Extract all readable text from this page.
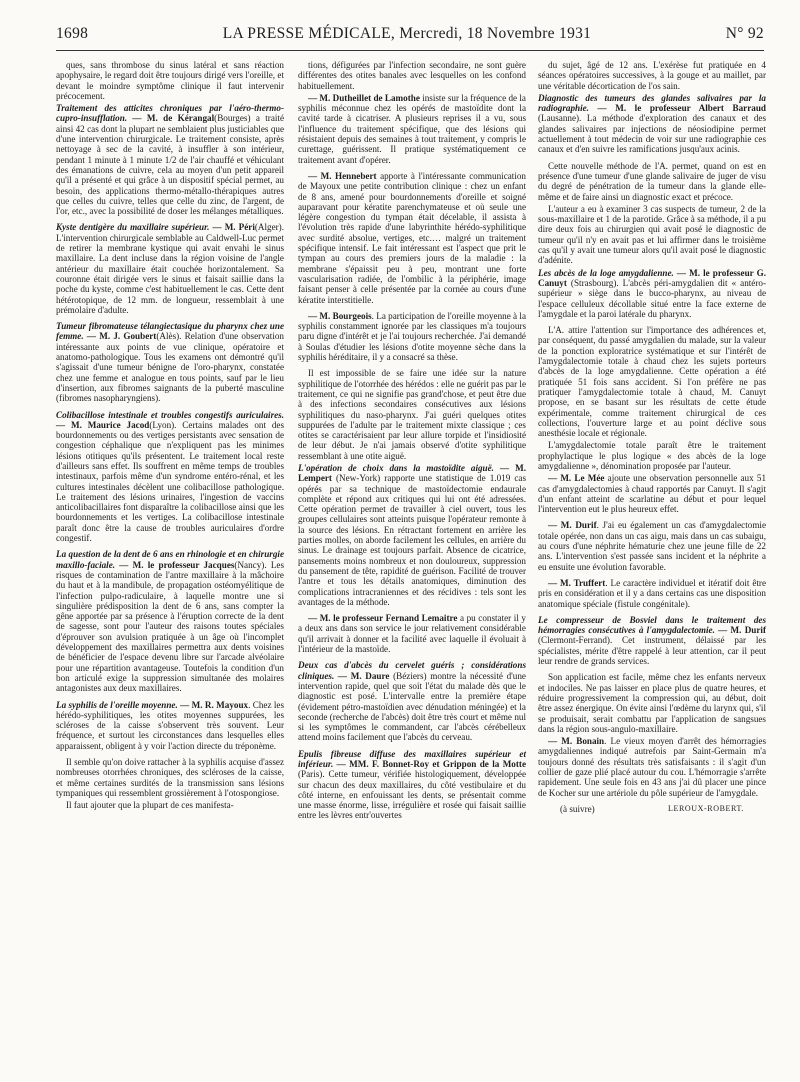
1698	LA PRESSE MÉDICALE, Mercredi, 18 Novembre 1931	N° 92

ques, sans thrombose du sinus latéral et sans réaction apophysaire, le regard doit être toujours dirigé vers l'oreille, et devant le moindre symptôme clinique il faut intervenir précocement.

Traitement des atticites chroniques par l'aéro-thermo-cupro-insufflation. — M. de Kérangal(Bourges) a traité ainsi 42 cas dont la plupart ne semblaient plus justiciables que d'une intervention chirurgicale. Le traitement consiste, après nettoyage à sec de la cavité, à insuffler à son intérieur, pendant 1 minute à 1 minute 1/2 de l'air chauffé et véhiculant des émanations de cuivre, cela au moyen d'un petit appareil qu'il a présenté et qui grâce à un dispositif spécial permet, au besoin, des applications thermo-métallo-thérapiques autres que celles du cuivre, telles que celle du zinc, de l'argent, de l'or, etc., avec la possibilité de doser les mélanges métalliques.
Kyste dentigère du maxillaire supérieur. — M. Péri(Alger). L'intervention chirurgicale semblable au Caldwell-Luc permet de retirer la membrane kystique qui avait envahi le sinus maxillaire. La dent incluse dans la région voisine de l'angle antérieur du maxillaire était couchée horizontalement. Sa couronne était dirigée vers le sinus et faisait saillie dans la poche du kyste, comme c'est habituellement le cas. Cette dent hétérotopique, de 12 mm. de longueur, ressemblait à une prémolaire d'adulte.
Tumeur fibromateuse télangiectasique du pharynx chez une femme. — M. J. Goubert(Alès). Relation d'une observation intéressante aux points de vue clinique, opératoire et anatomo-pathologique. Tous les examens ont démontré qu'il s'agissait d'une tumeur bénigne de l'oro-pharynx, constatée chez une femme et analogue en tous points, sauf par le lieu d'insertion, aux fibromes saignants de la puberté masculine (fibromes nasopharyngiens).
Colibacillose intestinale et troubles congestifs auriculaires. — M. Maurice Jacod(Lyon). Certains malades ont des bourdonnements ou des vertiges persistants avec sensation de congestion céphalique que n'expliquent pas les minimes lésions otitiques qu'ils présentent. Le traitement local reste d'ailleurs sans effet. Ils souffrent en même temps de troubles intestinaux, parfois même d'un syndrome entéro-rénal, et les cultures intestinales décèlent une colibacillose pathologique. Le traitement des lésions urinaires, l'ingestion de vaccins anticolibacillaires font disparaître la colibacillose ainsi que les bourdonnements et les vertiges. La colibacillose intestinale paraît donc être la cause de troubles auriculaires d'ordre congestif.
La question de la dent de 6 ans en rhinologie et en chirurgie maxillo-faciale. — M. le professeur Jacques(Nancy). Les risques de contamination de l'antre maxillaire à la mâchoire du haut et à la mandibule, de propagation ostéomyélitique de l'infection pulpo-radiculaire, à laquelle montre une si singulière prédisposition la dent de 6 ans, sans compter la gêne apportée par sa présence à l'éruption correcte de la dent de sagesse, sont pour l'auteur des raisons toutes spéciales d'éprouver son avulsion pratiquée à un âge où l'incomplet développement des maxillaires permettra aux dents voisines de bénéficier de l'espace devenu libre sur l'arcade alvéolaire pour une répartition avantageuse. Toutefois la condition d'un bon articulé exige la suppression simultanée des molaires antagonistes aux deux maxillaires.
La syphilis de l'oreille moyenne. — M. R. Mayoux. Chez les hérédo-syphilitiques, les otites moyennes suppurées, les scléroses de la caisse s'observent très souvent. Leur fréquence, et surtout les circonstances dans lesquelles elles apparaissent, obligent à y voir l'action directe du tréponème.

Il semble qu'on doive rattacher à la syphilis acquise d'assez nombreuses otorrhées chroniques, des scléroses de la caisse, et même certaines surdités de la transmission sans lésions tympaniques qui ressemblent grossièrement à l'otospongiose.

Il faut ajouter que la plupart de ces manifesta-

tions, défigurées par l'infection secondaire, ne sont guère différentes des otites banales avec lesquelles on les confond habituellement.

— M. Dutheillet de Lamothe insiste sur la fréquence de la syphilis méconnue chez les opérés de mastoïdite dont la cavité tarde à cicatriser. A plusieurs reprises il a vu, sous l'influence du traitement spécifique, que des lésions qui résistaient depuis des semaines à tout traitement, y compris le curettage, guérissent. Il pratique systématiquement ce traitement avant d'opérer.
— M. Hennebert apporte à l'intéressante communication de Mayoux une petite contribution clinique : chez un enfant de 8 ans, amené pour bourdonnements d'oreille et soigné auparavant pour kératite parenchymateuse et où seule une légère congestion du tympan était décelable, il assista à l'évolution très rapide d'une labyrinthite hérédo-syphilitique avec surdité absolue, vertiges, etc.… malgré un traitement spécifique intensif. Le fait intéressant est l'aspect que prit le tympan au cours des premiers jours de la maladie : la membrane s'épaissit peu à peu, montrant une forte vascularisation radiée, de l'ombilic à la périphérie, image faisant penser à celle présentée par la cornée au cours d'une kératite interstitielle.
— M. Bourgeois. La participation de l'oreille moyenne à la syphilis constamment ignorée par les classiques m'a toujours paru digne d'intérêt et je l'ai toujours recherchée. J'ai demandé à Soulas d'étudier les lésions d'otite moyenne sèche dans la syphilis héréditaire, il y a consacré sa thèse.

Il est impossible de se faire une idée sur la nature syphilitique de l'otorrhée des hérédos : elle ne guérit pas par le traitement, ce qui ne signifie pas grand'chose, et peut être due à des infections secondaires consécutives aux lésions syphilitiques du naso-pharynx. J'ai guéri quelques otites suppurées de l'adulte par le traitement mixte classique ; ces otites se caractérisaient par leur allure torpide et l'insidiosité de leur début. Je n'ai jamais observé d'otite syphilitique ressemblant à une otite aiguë.

L'opération de choix dans la mastoïdite aiguë. — M. Lempert (New-York) rapporte une statistique de 1.019 cas opérés par sa technique de mastoïdectomie endaurale complète et répond aux critiques qui lui ont été adressées. Cette opération permet de travailler à ciel ouvert, tous les groupes cellulaires sont atteints puisque l'opérateur remonte à la source des lésions. En rétractant fortement en arrière les parties molles, on aborde facilement les cellules, en arrière du sinus. Le drainage est toujours parfait. Absence de cicatrice, pansements moins nombreux et non douloureux, suppression du pansement de tête, rapidité de guérison. Facilité de trouver l'antre et tous les détails anatomiques, diminution des complications intracraniennes et des récidives : tels sont les avantages de la méthode.
— M. le professeur Fernand Lemaitre a pu constater il y a deux ans dans son service le jour relativement considérable qu'il arrivait à donner et la facilité avec laquelle il évoluait à l'intérieur de la mastoïde.
Deux cas d'abcès du cervelet guéris ; considérations cliniques. — M. Daure (Béziers) montre la nécessité d'une intervention rapide, quel que soit l'état du malade dès que le diagnostic est posé. L'intervalle entre la première étape (évidement pétro-mastoïdien avec dénudation méningée) et la seconde (recherche de l'abcès) doit être très court et même nul si les symptômes le commandent, car l'abcès cérébelleux attend moins facilement que l'abcès du cerveau.
Epulis fibreuse diffuse des maxillaires supérieur et inférieur. — MM. F. Bonnet-Roy et Grippon de la Motte (Paris). Cette tumeur, vérifiée histologiquement, développée sur chacun des deux maxillaires, du côté vestibulaire et du côté interne, en enfouissant les dents, se présentait comme une masse énorme, lisse, irrégulière et rosée qui faisait saillie entre les lèvres entr'ouvertes

du sujet, âgé de 12 ans. L'exérèse fut pratiquée en 4 séances opératoires successives, à la gouge et au maillet, par une véritable décortication de l'os sain.

Diagnostic des tumeurs des glandes salivaires par la radiographie. — M. le professeur Albert Barraud (Lausanne). La méthode d'exploration des canaux et des glandes salivaires par injections de néosiodipine permet actuellement à tout médecin de voir sur une radiographie ces canaux et d'en suivre les ramifications jusqu'aux acinis.

Cette nouvelle méthode de l'A. permet, quand on est en présence d'une tumeur d'une glande salivaire de juger de visu du degré de pénétration de la tumeur dans la glande elle-même et de faire ainsi un diagnostic exact et précoce.

L'auteur a eu à examiner 3 cas suspects de tumeur, 2 de la sous-maxillaire et 1 de la parotide. Grâce à sa méthode, il a pu dire deux fois au chirurgien qui avait posé le diagnostic de tumeur qu'il n'y en avait pas et lui affirmer dans le troisième cas qu'il y avait une tumeur alors qu'il avait posé le diagnostic d'adénite.

Les abcès de la loge amygdalienne. — M. le professeur G. Canuyt (Strasbourg). L'abcès péri-amygdalien dit « antéro-supérieur » siège dans le bucco-pharynx, au niveau de l'espace celluleux décollable situé entre la face externe de l'amygdale et la paroi latérale du pharynx.

L'A. attire l'attention sur l'importance des adhérences et, par conséquent, du passé amygdalien du malade, sur la valeur de la ponction exploratrice systématique et sur l'intérêt de l'amygdalectomie totale à chaud chez les sujets porteurs d'abcès de la loge amygdalienne. Cette opération a été pratiquée 51 fois sans accident. Si l'on préfère ne pas pratiquer l'amygdalectomie totale à chaud, M. Canuyt propose, en se basant sur les résultats de cette étude expérimentale, comme traitement chirurgical de ces collections, l'ouverture large et au point déclive sous anesthésie locale et régionale.

L'amygdalectomie totale paraît être le traitement prophylactique le plus logique « des abcès de la loge amygdalienne », dénomination proposée par l'auteur.

— M. Le Mée ajoute une observation personnelle aux 51 cas d'amygdalectomies à chaud rapportés par Canuyt. Il s'agit d'un enfant atteint de scarlatine au début et pour lequel l'intervention eut le plus heureux effet.
— M. Durif. J'ai eu également un cas d'amygdalectomie totale opérée, non dans un cas aigu, mais dans un cas subaigu, au cours d'une néphrite hématurie chez une jeune fille de 22 ans. L'intervention s'est passée sans incident et la néphrite a eu ensuite une évolution favorable.
— M. Truffert. Le caractère individuel et itératif doit être pris en considération et il y a dans certains cas une disposition anatomique spéciale (fistule congénitale).
Le compresseur de Bosviel dans le traitement des hémorragies consécutives à l'amygdalectomie. — M. Durif (Clermont-Ferrand). Cet instrument, délaissé par les spécialistes, mérite d'être rappelé à leur attention, car il peut leur rendre de grands services.

Son application est facile, même chez les enfants nerveux et indociles. Ne pas laisser en place plus de quatre heures, et réduire progressivement la compression qui, au début, doit être assez énergique. On évite ainsi l'œdème du larynx qui, s'il se produisait, serait combattu par l'application de sangsues dans la région sous-angulo-maxillaire.

— M. Bonain. Le vieux moyen d'arrêt des hémorragies amygdaliennes indiqué autrefois par Saint-Germain m'a toujours donné des résultats très satisfaisants : il s'agit d'un collier de gaze plié placé autour du cou. L'hémorragie s'arrête rapidement. Une seule fois en 43 ans j'ai dû placer une pince de Kocher sur une artériole du pôle supérieur de l'amygdale.
(à suivre)	LEROUX-ROBERT.
